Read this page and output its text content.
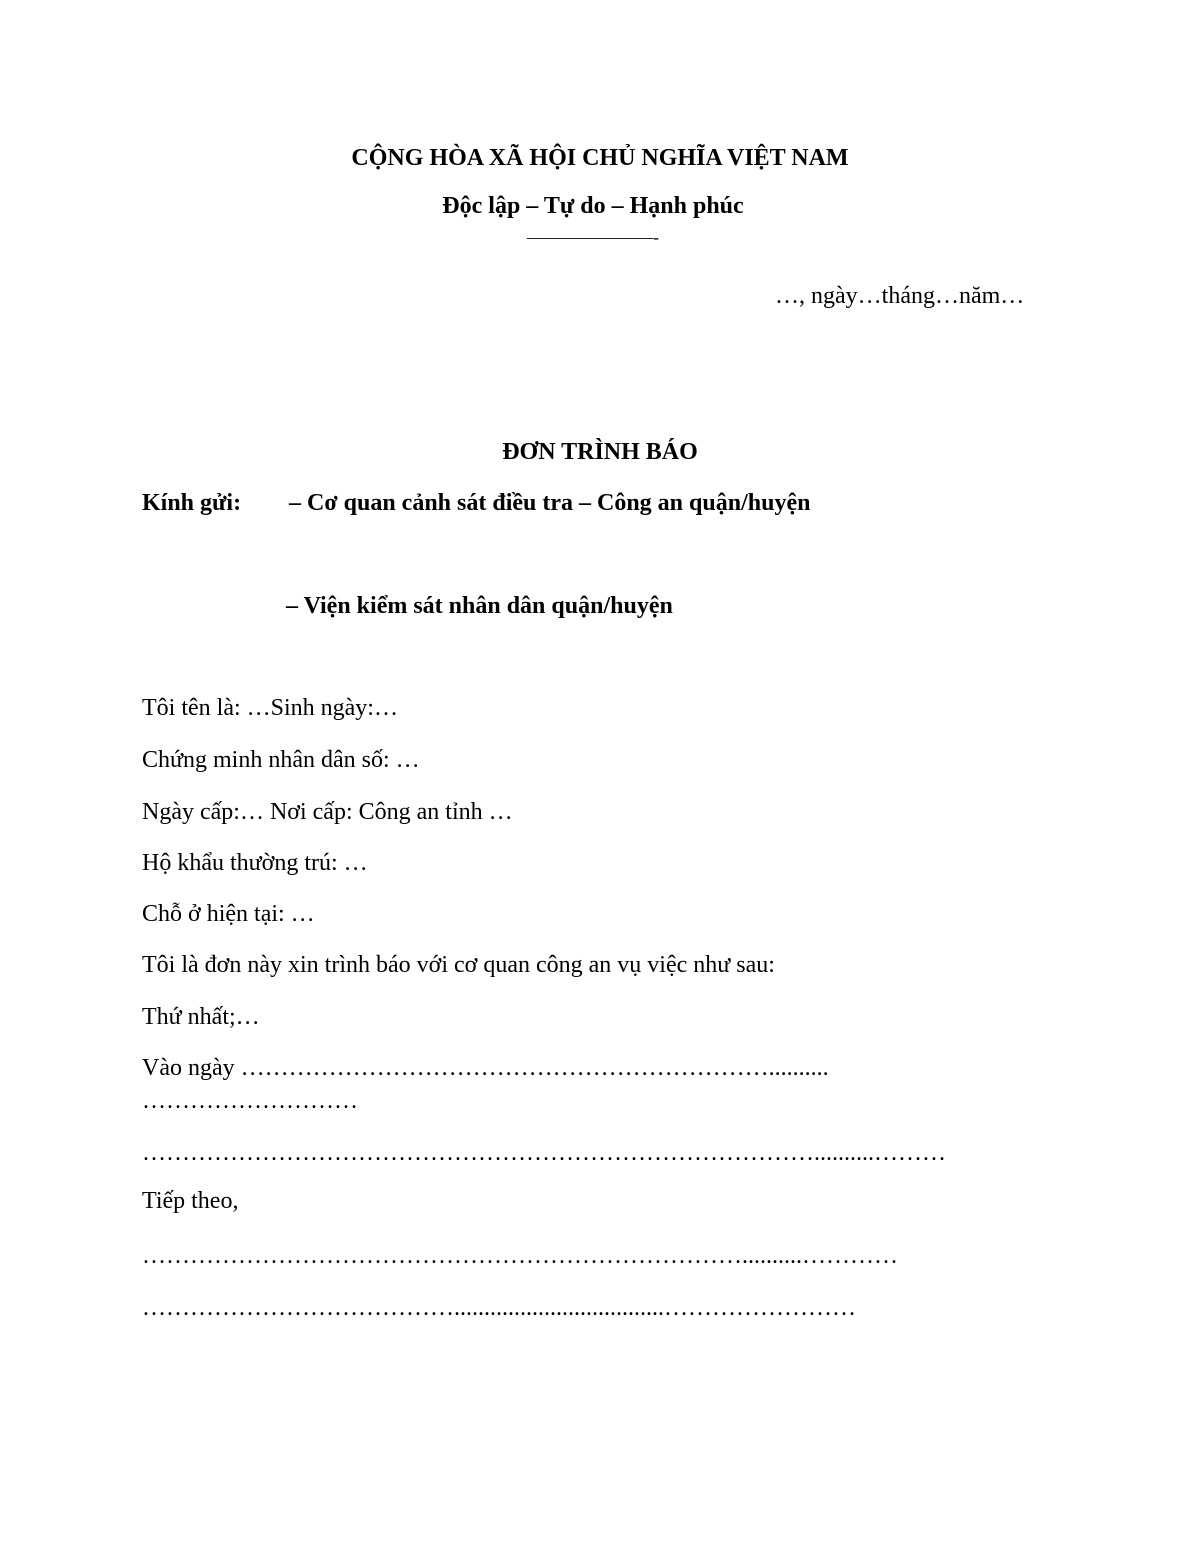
CỘNG HÒA XÃ HỘI CHỦ NGHĨA VIỆT NAM
Độc lập – Tự do – Hạnh phúc
———————-
…, ngày…tháng…năm…
ĐƠN TRÌNH BÁO
Kính gửi: – Cơ quan cảnh sát điều tra – Công an quận/huyện
– Viện kiểm sát nhân dân quận/huyện
Tôi tên là: …Sinh ngày:…
Chứng minh nhân dân số: …
Ngày cấp:… Nơi cấp: Công an tỉnh …
Hộ khẩu thường trú: …
Chỗ ở hiện tại: …
Tôi là đơn này xin trình báo với cơ quan công an vụ việc như sau:
Thứ nhất;…
Vào ngày …………………………………………………………..........
………………………
…………………………………………………………………………..........………
Tiếp theo,
…………………………………………………………………..........…………
…………………………………...................................……………………
